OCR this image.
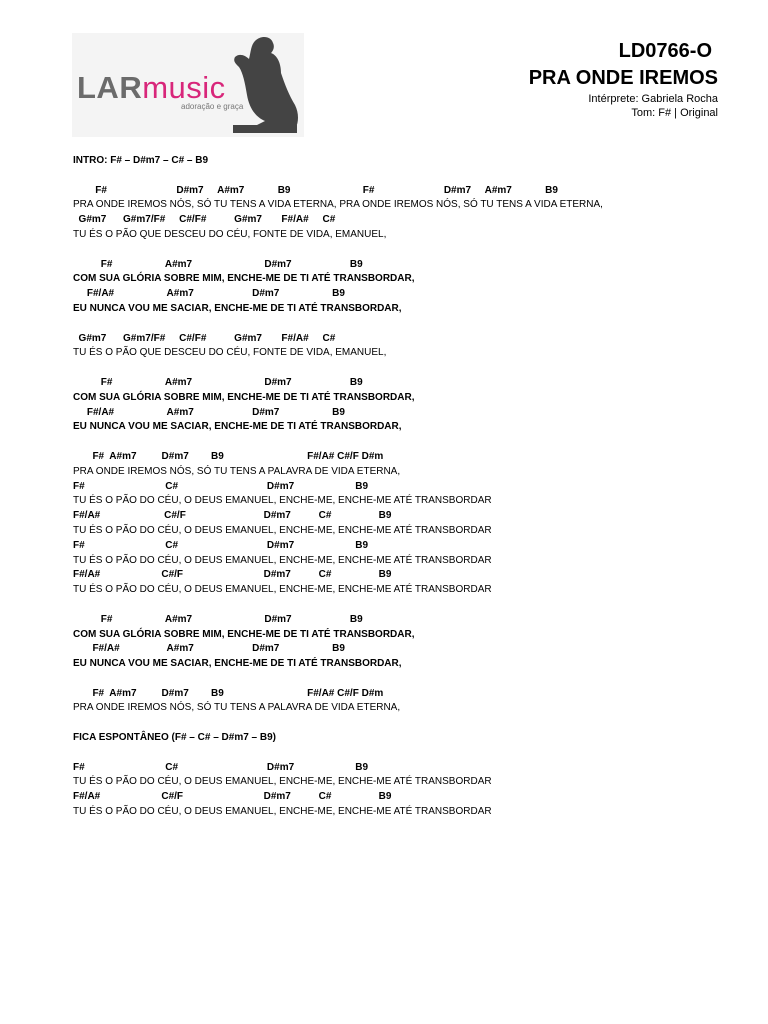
LARmusic
adoração e graça
LD0766-O
PRA ONDE IREMOS
Intérprete: Gabriela Rocha
Tom: F# | Original
INTRO: F# – D#m7 – C# – B9
F#                         D#m7     A#m7            B9                          F#                         D#m7     A#m7            B9
PRA ONDE IREMOS NÓS, SÓ TU TENS A VIDA ETERNA, PRA ONDE IREMOS NÓS, SÓ TU TENS A VIDA ETERNA,
G#m7      G#m7/F#     C#/F#          G#m7       F#/A#     C#
TU ÉS O PÃO QUE DESCEU DO CÉU, FONTE DE VIDA, EMANUEL,
F#                   A#m7                          D#m7                     B9
COM SUA GLÓRIA SOBRE MIM, ENCHE-ME DE TI ATÉ TRANSBORDAR,
F#/A#                   A#m7                     D#m7                   B9
EU NUNCA VOU ME SACIAR, ENCHE-ME DE TI ATÉ TRANSBORDAR,
G#m7      G#m7/F#     C#/F#          G#m7       F#/A#     C#
TU ÉS O PÃO QUE DESCEU DO CÉU, FONTE DE VIDA, EMANUEL,
F#                   A#m7                          D#m7                     B9
COM SUA GLÓRIA SOBRE MIM, ENCHE-ME DE TI ATÉ TRANSBORDAR,
F#/A#                   A#m7                     D#m7                   B9
EU NUNCA VOU ME SACIAR, ENCHE-ME DE TI ATÉ TRANSBORDAR,
F#  A#m7         D#m7        B9                              F#/A# C#/F D#m
PRA ONDE IREMOS NÓS, SÓ TU TENS A PALAVRA DE VIDA ETERNA,
F#                             C#                                D#m7                      B9
TU ÉS O PÃO DO CÉU, O DEUS EMANUEL, ENCHE-ME, ENCHE-ME ATÉ TRANSBORDAR
F#/A#                       C#/F                            D#m7          C#                 B9
TU ÉS O PÃO DO CÉU, O DEUS EMANUEL, ENCHE-ME, ENCHE-ME ATÉ TRANSBORDAR
F#                             C#                                D#m7                      B9
TU ÉS O PÃO DO CÉU, O DEUS EMANUEL, ENCHE-ME, ENCHE-ME ATÉ TRANSBORDAR
F#/A#                      C#/F                             D#m7          C#                 B9
TU ÉS O PÃO DO CÉU, O DEUS EMANUEL, ENCHE-ME, ENCHE-ME ATÉ TRANSBORDAR
F#                   A#m7                          D#m7                     B9
COM SUA GLÓRIA SOBRE MIM, ENCHE-ME DE TI ATÉ TRANSBORDAR,
F#/A#                 A#m7                     D#m7                   B9
EU NUNCA VOU ME SACIAR, ENCHE-ME DE TI ATÉ TRANSBORDAR,
F#  A#m7         D#m7        B9                              F#/A# C#/F D#m
PRA ONDE IREMOS NÓS, SÓ TU TENS A PALAVRA DE VIDA ETERNA,
FICA ESPONTÂNEO (F# – C# – D#m7 – B9)
F#                             C#                                D#m7                      B9
TU ÉS O PÃO DO CÉU, O DEUS EMANUEL, ENCHE-ME, ENCHE-ME ATÉ TRANSBORDAR
F#/A#                      C#/F                             D#m7          C#                 B9
TU ÉS O PÃO DO CÉU, O DEUS EMANUEL, ENCHE-ME, ENCHE-ME ATÉ TRANSBORDAR
